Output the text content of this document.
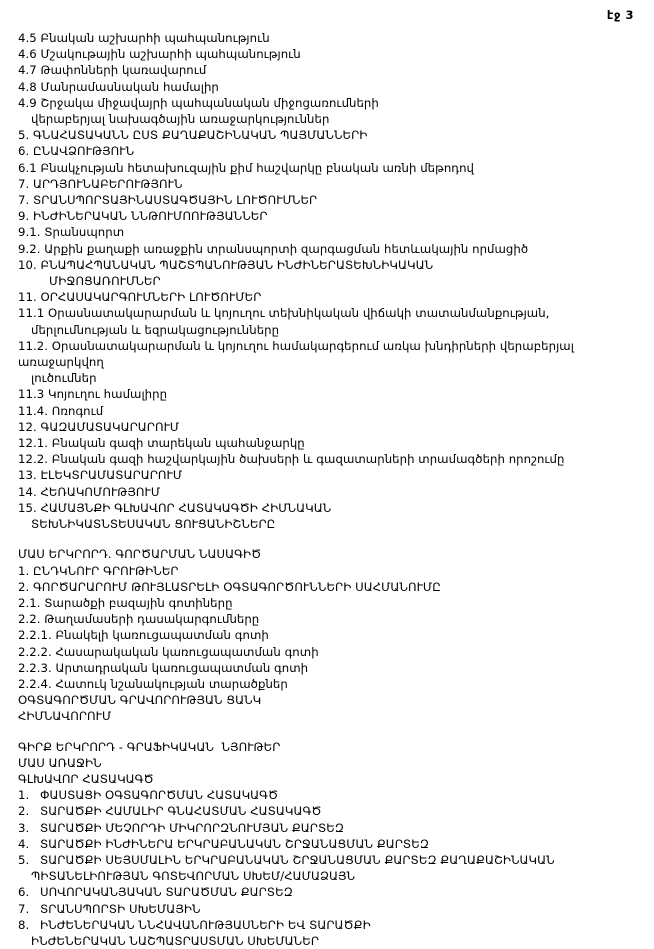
էջ 3
4.5 Բնական աշխարհի պահպանություն
4.6 Մշակութային աշխարհի պահպանություն
4.7 Թափոնների կառավարում
4.8 Մանրամասնական համալիր
4.9 Շրջակա միջավայրի պահպանական միջոցառումների
վերաբերյալ նախագծային առաջարկություններ
5. ԳՆԱՀԱՏԱԿԱՆՆ ԸՍՏ ՔԱՂԱՔԱՇԻՆԱԿԱՆ ՊԱՅՄԱՆՆԵՐԻ
6. ԸՆԱՎՁՈՒԹՅՈՒՆ
6.1 Բնակչության հետախուզային քիմ հաշվարկը բնական առնի մեթոդով
7. ԱՐԴՅՈՒՆԱԲԵՐՈՒԹՅՈՒՆ
7. ՏՐԱՆՍՊՈՐՏԱՅԻՆԱՍՏԱԳԾԱՅԻՆ ԼՈՒԾՈՒՄՆԵՐ
9. ԻՆԺԻՆԵՐԱԿԱՆ ՆՆԹՈՒՄՈՈՒԹՅԱՆՆԵՐ
9.1. Տրանսպորտ
9.2. Արքին քաղաքի առաջքին տրանսպորտի զարգացման հետևակային որմացիծ
10. ԲՆԱՊԱՀՊԱՆԱԿԱՆ ՊԱՇՏՊԱՆՈՒԹՅԱՆ ԻՆԺԻՆԵՐԱՏԵԽՆԻԿԱԿԱՆ
ՄԻՋՈՑԱՌՈՒՄՆԵՐ
11. ՕՐՀԱՍԱԿԱՐԳՈՒՄՆԵՐԻ ԼՈՒԾՈՒՄԵՐ
11.1 Օրասնատակարարման և կոյուղու տեխնիկական վիճակի տատանմանքության,
մերլումնության և եզրակացությունները
11.2. Օրասնատակարարման և կոյուղու համակարգերում առկա խնդիրների վերաբերյալ    առաջարկվող
լուծումներ
11.3 Կոյուղու համալիրը
11.4. Ոռոգում
12. ԳԱԶԱՄԱՏԱԿԱՐԱՐՈՒՄ
12.1. Բնական գազի տարեկան պահանջարկը
12.2. Բնական գազի հաշվարկային ծախսերի և գազատարների տրամագծերի որոշումը
13. ԷԼԵԿՏՐԱՄԱՏԱՐԱՐՈՒՄ
14. ՀԵՌԱԿՈՄՈՒԹՅՈՒՄ
15. ՀԱՄԱՅՆՔԻ ԳԼԽԱՎՈՐ ՀԱՏԱԿԱԳԾԻ ՀԻՄՆԱԿԱՆ
ՏԵԽՆԻԿԱՏՆՏԵՍԱԿԱՆ ՑՈՒՑԱՆԻՇՆԵՐԸ
ՄԱՍ ԵՐԿՐՈՐԴ. ԳՈՐԾԱՐՄԱՆ ՆԱՍԱԳԻԾ
1. ԸՆԴԿՆՈՒՐ ԳՐՈՒԹԻՆԵՐ
2. ԳՈՐԾԱՐԱՐՈՒՄ ԹՈՒՅԼԱՏՐԵԼԻ ՕԳՏԱԳՈՐԾՈՒՆՆԵՐԻ ՍԱՀՄԱՆՈՒՄԸ
2.1. Տարածքի բազային գոտիները
2.2. Թաղամասերի դասակարգումները
2.2.1. Բնակելի կառուցապատման գոտի
2.2.2. Հասարակական կառուցապատման գոտի
2.2.3. Արտադրական կառուցապատման գոտի
2.2.4. Հատուկ նշանակության տարածքներ
ՕԳՏԱԳՈՐԾՄԱՆ ԳՐԱՎՈՐՈՒԹՅԱՆ ՑԱՆԿ
ՀԻՄՆԱՎՈՐՈՒՄ
ԳԻՐՔ ԵՐԿՐՈՐԴ - ԳՐԱՖԻԿԱԿԱՆ  ՆՅՈՒԹԵՐ
ՄԱՍ ԱՌԱՋԻՆ
ԳԼԽԱՎՈՐ ՀԱՏԱԿԱԳԾ
1. ՓԱՍՏԱՑԻ ՕԳՏԱԳՈՐԾՄԱՆ ՀԱՏԱԿԱԳԾ
2. ՏԱՐԱԾՔԻ ՀԱՄԱԼԻՐ ԳՆԱՀԱՏՄԱՆ ՀԱՏԱԿԱԳԾ
3. ՏԱՐԱԾՔԻ ՄԵՉՈՐԴԻ ՄԻԿՐՈՐԶՆՈՒՄՅԱՆ ՔԱՐՏԵԶ
4. ՏԱՐԱԾՔԻ ԻՆԺԻՆԵՐԱ ԵՐԿՐԱԲԱՆԱԿԱՆ ՇՐՋԱՆԱՑՄԱՆ ՔԱՐՏԵԶ
5. ՏԱՐԱԾՔԻ ՍԵՅՍՄԱԼԻՆ ԵՐԿՐԱԲԱՆԱԿԱՆ ՇՐՋԱՆԱՑՄԱՆ ՔԱՐՏԵԶ ՔԱՂԱՔԱՇԻՆԱԿԱՆ
ՊԻՏԱՆԵԼԻՈՒԹՅԱՆ ԳՈՏԵՎՈՐՄԱՆ ՍԽԵՄ/ՀԱՄԱՁԱՅՆ
6. ՍՈՎՈՐԱԿԱՆՅԱԿԱՆ ՏԱՐԱԾՄԱՆ ՔԱՐՏԵԶ
7. ՏՐԱՆՍՊՈՐՏԻ ՍԽԵՄԱՅԻՆ
8. ԻՆԺԵՆԵՐԱԿԱՆ ՆՆՀԱՎԱՆՈՒԹՅԱՍՆԵՐԻ ԵՎ ՏԱՐԱԾՔԻ
ԻՆԺԵՆԵՐԱԿԱՆ ՆԱՇՊԱՏՐԱՍՏՄԱՆ ՍԽԵՄԱՆԵՐ
